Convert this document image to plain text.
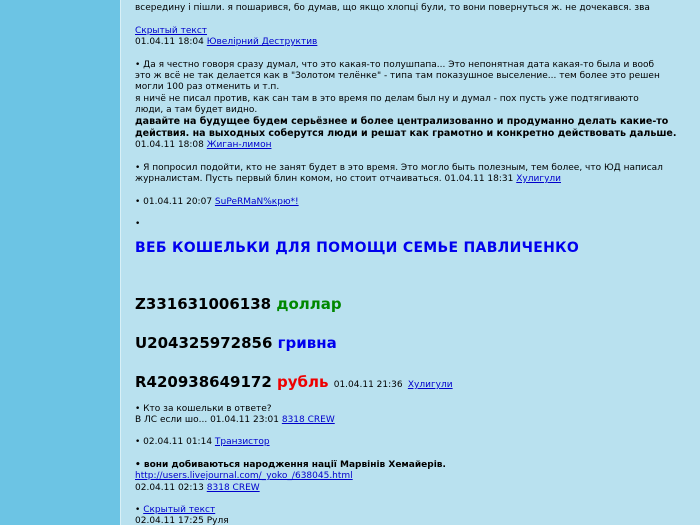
всередину і пішли. я пошарився, бо думав, що якщо хлопці були, то вони повернуться ж. не дочекався. зва
Скрытый текст
01.04.11 18:04 Ювелірний Деструктив
• Да я честно говоря сразу думал, что это какая-то полушпапа... Это непонятная дата какая-то была и вооб
это ж всё не так делается как в "Золотом телёнке" - типа там показушное выселение... тем более это решен
могли 100 раз отменить и т.п.
я ничё не писал против, как сан там в это время по делам был ну и думал - пох пусть уже подтягиваюто
люди, а там будет видно.
давайте на будущее будем серьёзнее и более централизованно и продуманно делать какие-то
действия. на выходных соберутся люди и решат как грамотно и конкретно действовать дальше.
01.04.11 18:08 Жиган-лимон
• Я попросил подойти, кто не занят будет в это время. Это могло быть полезным, тем более, что ЮД написал
журналистам. Пусть первый блин комом, но стоит отчаиваться. 01.04.11 18:31 Хулигули
• 01.04.11 20:07 SuPeRMaN%крю*!
•
ВЕБ КОШЕЛЬКИ ДЛЯ ПОМОЩИ СЕМЬЕ ПАВЛИЧЕНКО
Z331631006138 доллар
U204325972856 гривна
R420938649172 рубль 01.04.11 21:36 Хулигули
• Кто за кошельки в ответе?
В ЛС если шо... 01.04.11 23:01 8318 CREW
• 02.04.11 01:14 Транзистор
• вони добиваються народження нації Марвінів Хемайерів.
http://users.livejournal.com/_yoko_/638045.html
02.04.11 02:13 8318 CREW
• Скрытый текст
02.04.11 17:25 Руля
